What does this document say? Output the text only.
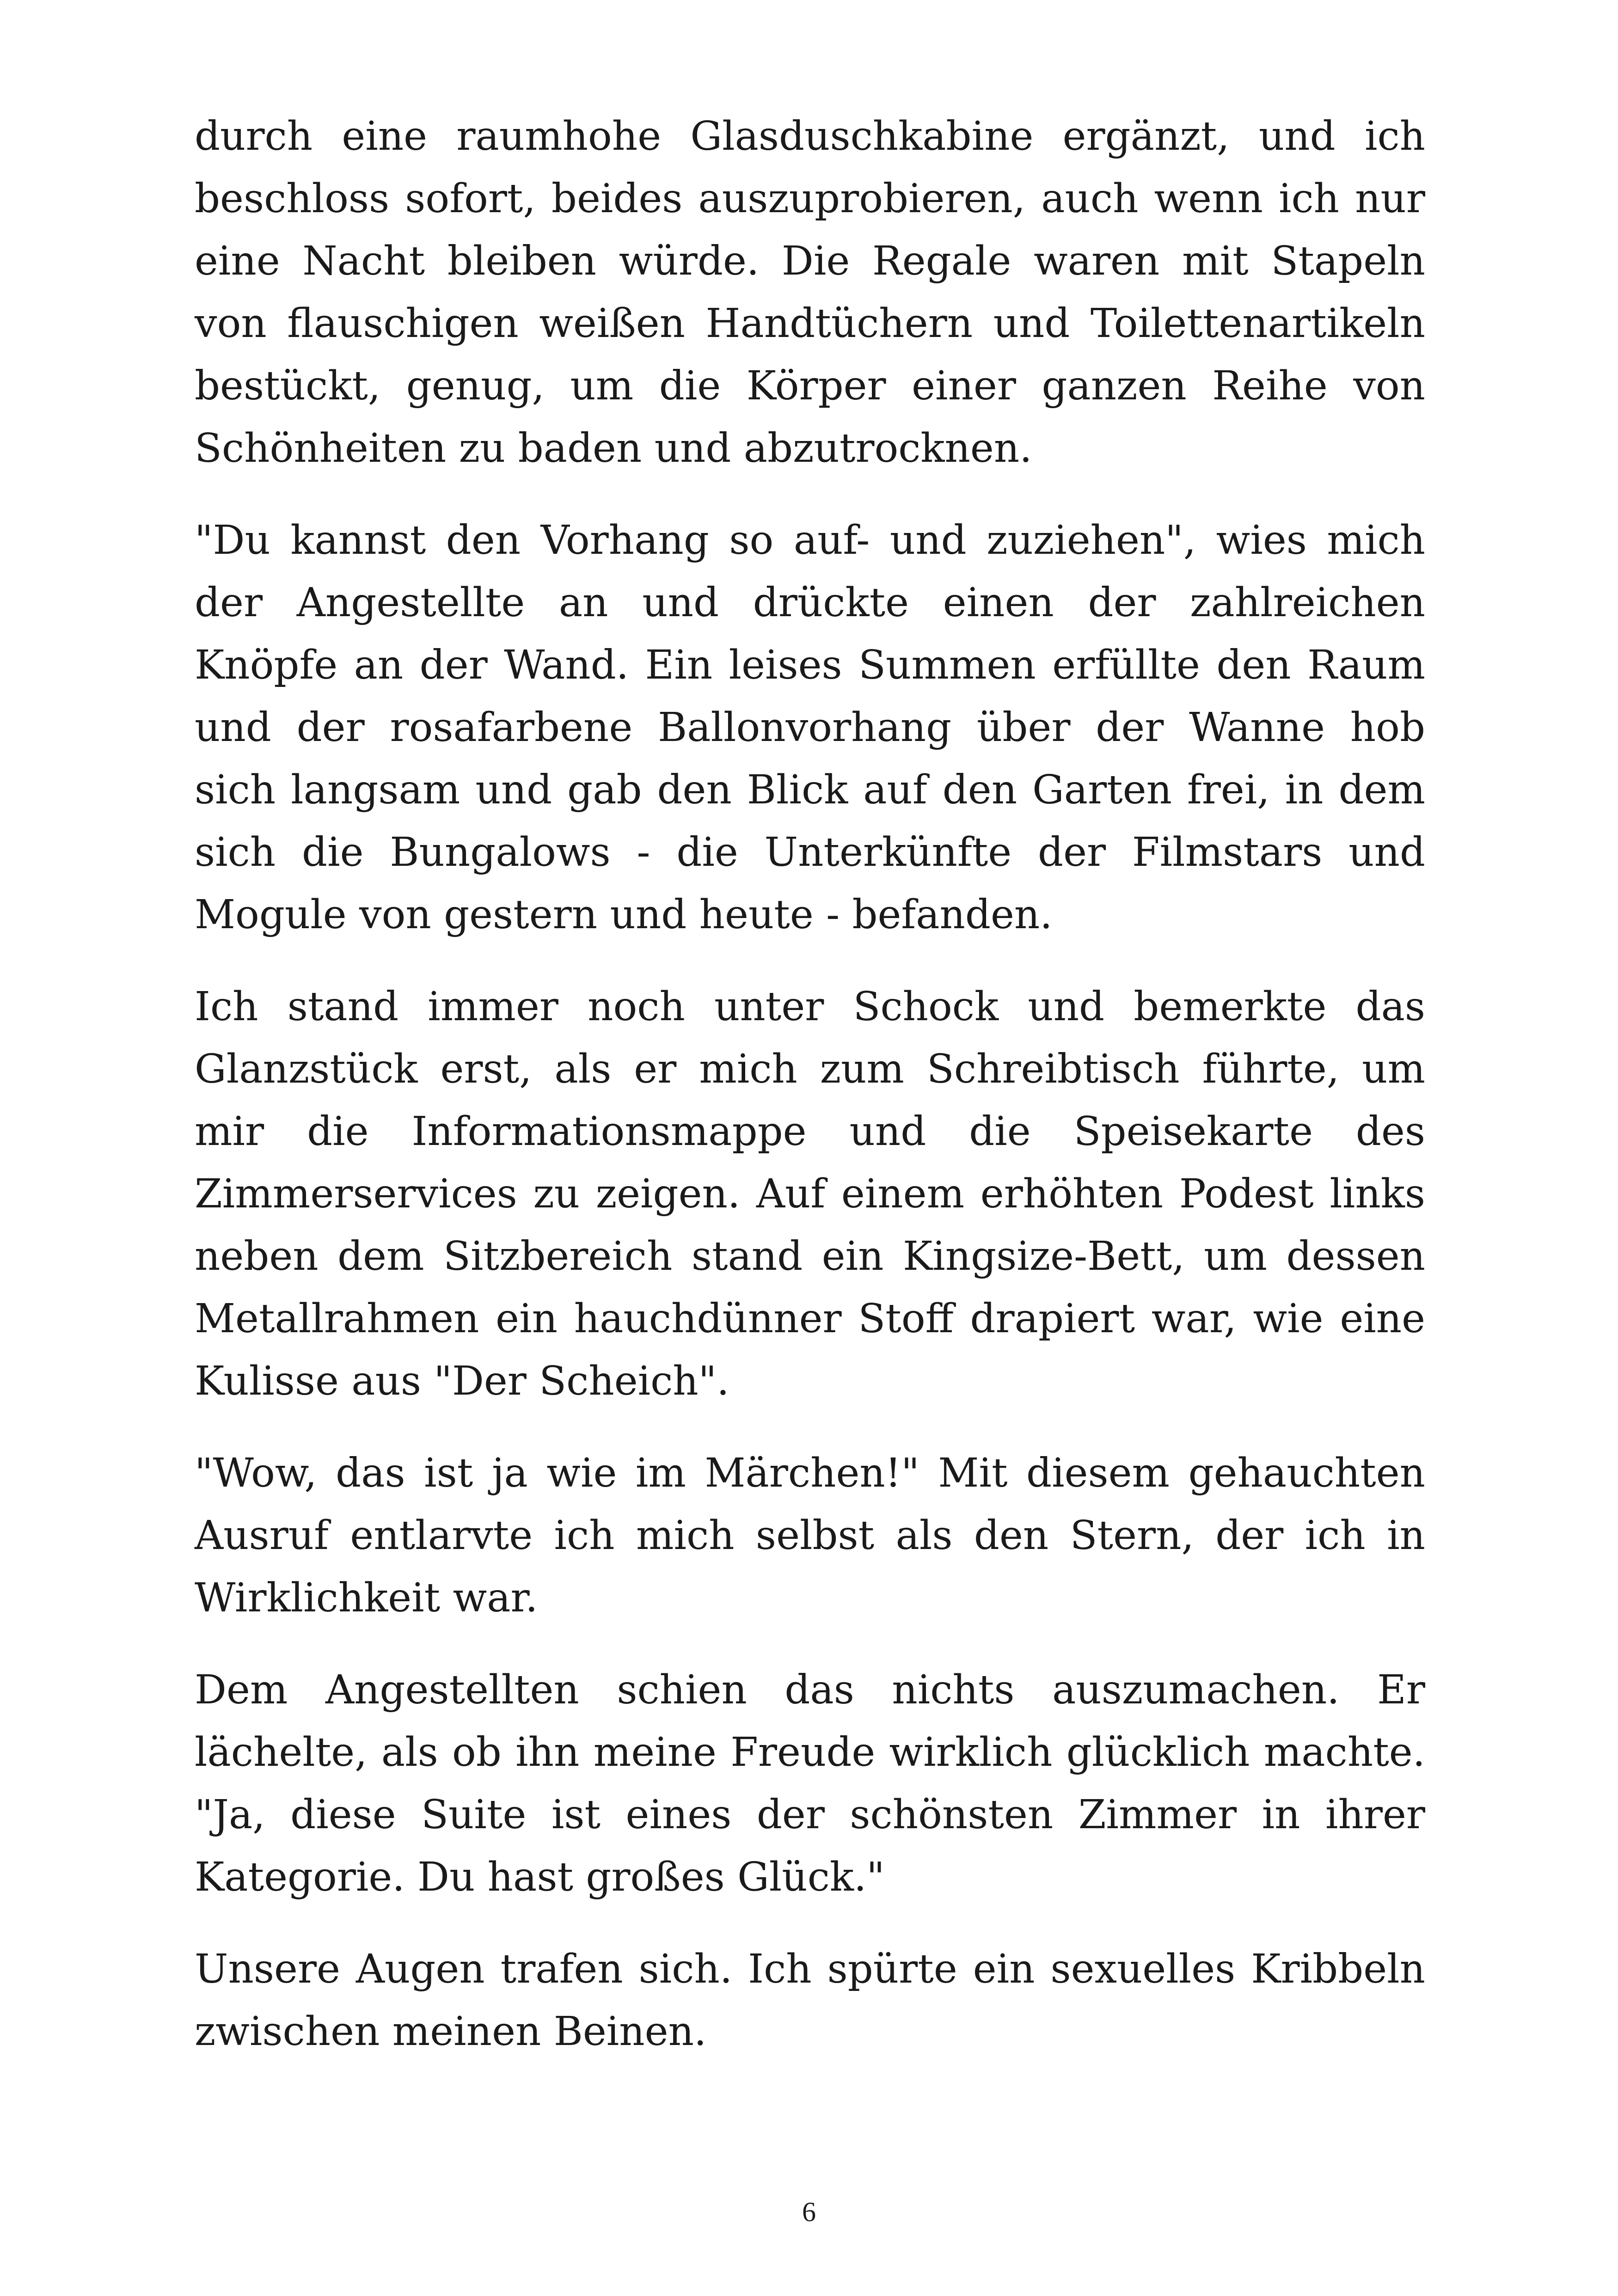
durch eine raumhohe Glasduschkabine ergänzt, und ich beschloss sofort, beides auszuprobieren, auch wenn ich nur eine Nacht bleiben würde. Die Regale waren mit Stapeln von flauschigen weißen Handtüchern und Toilettenartikeln bestückt, genug, um die Körper einer ganzen Reihe von Schönheiten zu baden und abzutrocknen.

"Du kannst den Vorhang so auf- und zuziehen", wies mich der Angestellte an und drückte einen der zahlreichen Knöpfe an der Wand. Ein leises Summen erfüllte den Raum und der rosafarbene Ballonvorhang über der Wanne hob sich langsam und gab den Blick auf den Garten frei, in dem sich die Bungalows - die Unterkünfte der Filmstars und Mogule von gestern und heute - befanden.

Ich stand immer noch unter Schock und bemerkte das Glanzstück erst, als er mich zum Schreibtisch führte, um mir die Informationsmappe und die Speisekarte des Zimmerservices zu zeigen. Auf einem erhöhten Podest links neben dem Sitzbereich stand ein Kingsize-Bett, um dessen Metallrahmen ein hauchdünner Stoff drapiert war, wie eine Kulisse aus "Der Scheich".

"Wow, das ist ja wie im Märchen!" Mit diesem gehauchten Ausruf entlarvte ich mich selbst als den Stern, der ich in Wirklichkeit war.

Dem Angestellten schien das nichts auszumachen. Er lächelte, als ob ihn meine Freude wirklich glücklich machte. "Ja, diese Suite ist eines der schönsten Zimmer in ihrer Kategorie. Du hast großes Glück."

Unsere Augen trafen sich. Ich spürte ein sexuelles Kribbeln zwischen meinen Beinen.

6
